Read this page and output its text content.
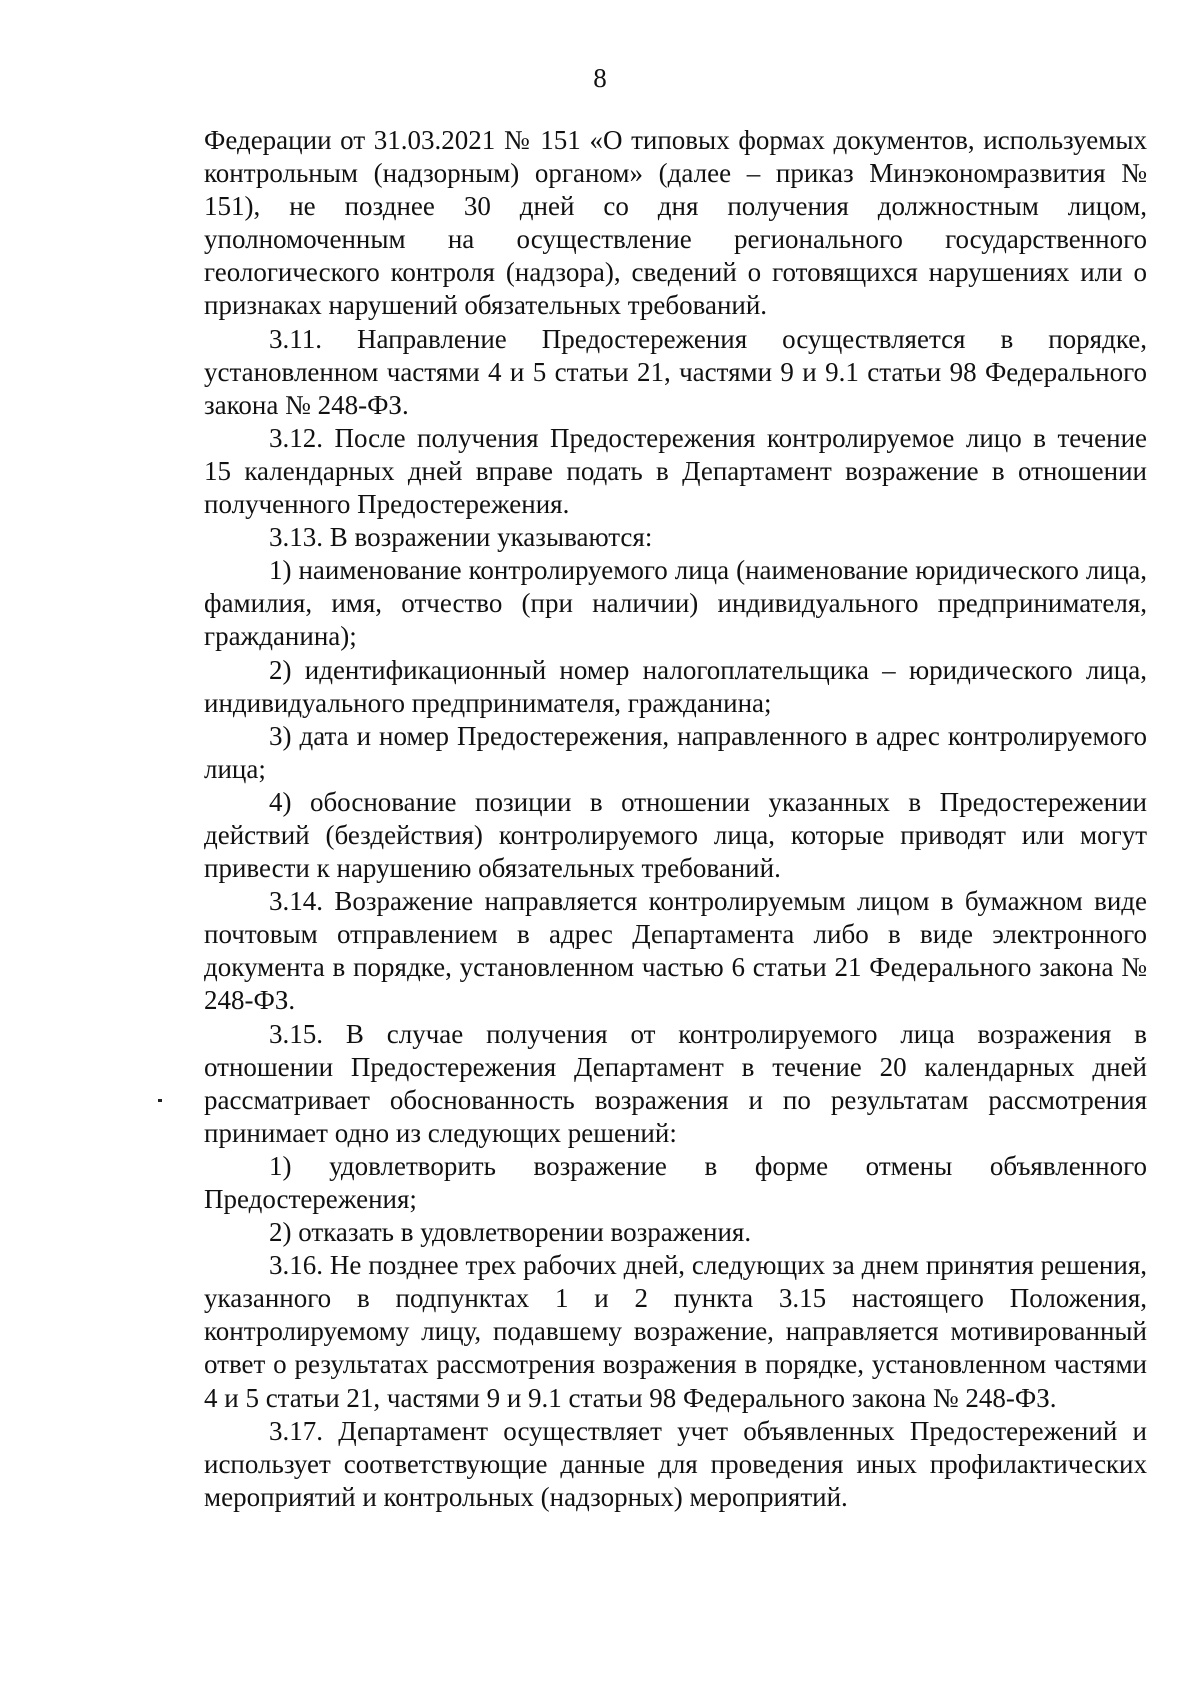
8

Федерации от 31.03.2021 № 151 «О типовых формах документов, используемых контрольным (надзорным) органом» (далее – приказ Минэкономразвития № 151), не позднее 30 дней со дня получения должностным лицом, уполномоченным на осуществление регионального государственного геологического контроля (надзора), сведений о готовящихся нарушениях или о признаках нарушений обязательных требований.

3.11. Направление Предостережения осуществляется в порядке, установленном частями 4 и 5 статьи 21, частями 9 и 9.1 статьи 98 Федерального закона № 248-ФЗ.

3.12. После получения Предостережения контролируемое лицо в течение 15 календарных дней вправе подать в Департамент возражение в отношении полученного Предостережения.

3.13. В возражении указываются:

1) наименование контролируемого лица (наименование юридического лица, фамилия, имя, отчество (при наличии) индивидуального предпринимателя, гражданина);

2) идентификационный номер налогоплательщика – юридического лица, индивидуального предпринимателя, гражданина;

3) дата и номер Предостережения, направленного в адрес контролируемого лица;

4) обоснование позиции в отношении указанных в Предостережении действий (бездействия) контролируемого лица, которые приводят или могут привести к нарушению обязательных требований.

3.14. Возражение направляется контролируемым лицом в бумажном виде почтовым отправлением в адрес Департамента либо в виде электронного документа в порядке, установленном частью 6 статьи 21 Федерального закона № 248-ФЗ.

3.15. В случае получения от контролируемого лица возражения в отношении Предостережения Департамент в течение 20 календарных дней рассматривает обоснованность возражения и по результатам рассмотрения принимает одно из следующих решений:

1) удовлетворить возражение в форме отмены объявленного Предостережения;

2) отказать в удовлетворении возражения.

3.16. Не позднее трех рабочих дней, следующих за днем принятия решения, указанного в подпунктах 1 и 2 пункта 3.15 настоящего Положения, контролируемому лицу, подавшему возражение, направляется мотивированный ответ о результатах рассмотрения возражения в порядке, установленном частями 4 и 5 статьи 21, частями 9 и 9.1 статьи 98 Федерального закона № 248-ФЗ.

3.17. Департамент осуществляет учет объявленных Предостережений и использует соответствующие данные для проведения иных профилактических мероприятий и контрольных (надзорных) мероприятий.
